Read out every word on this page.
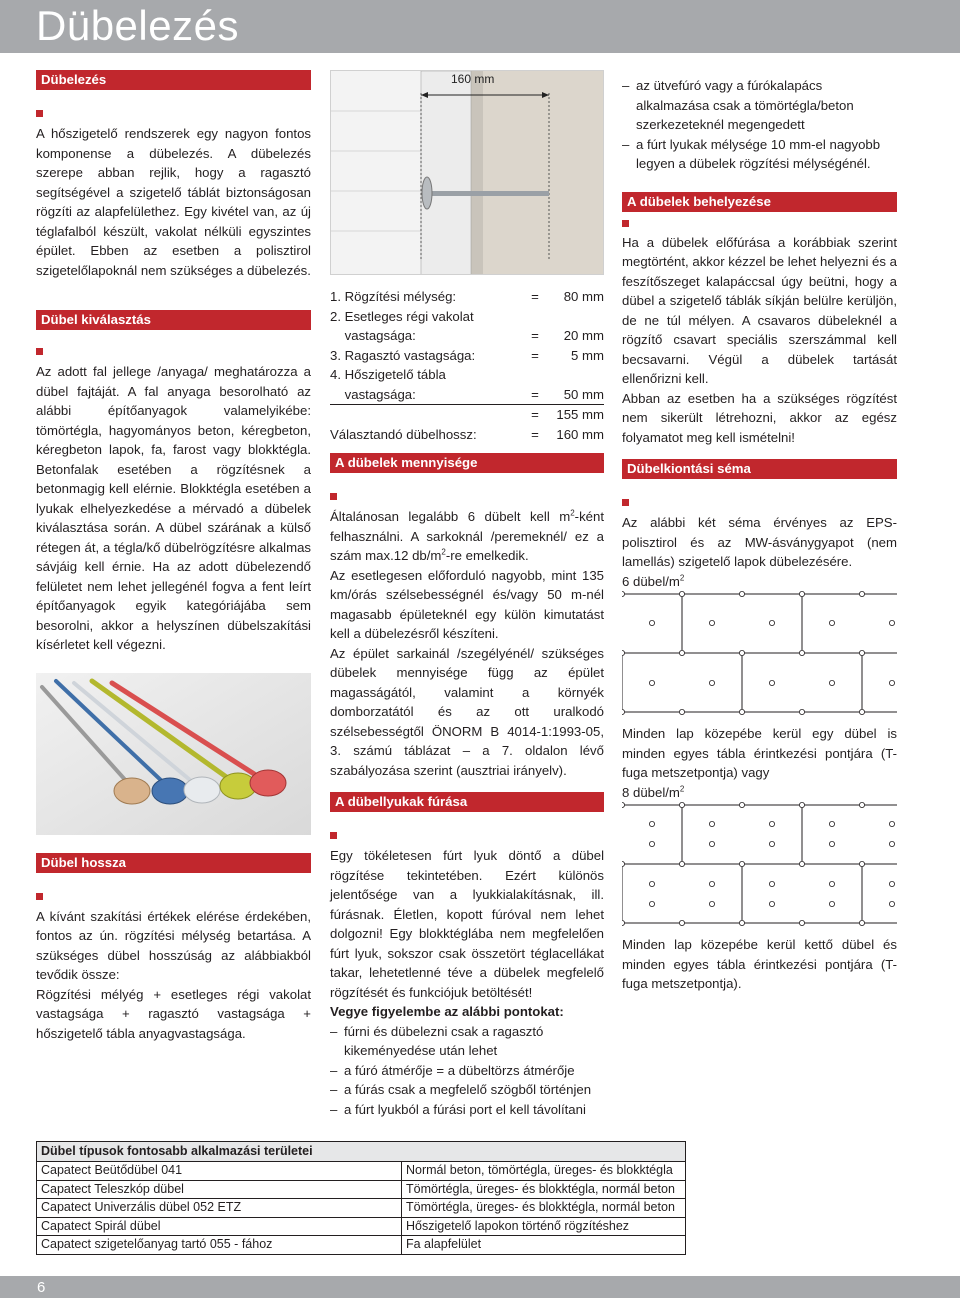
Dübelezés
Dübelezés

A hőszigetelő rendszerek egy nagyon fontos komponense a dübelezés. A dübelezés szerepe abban rejlik, hogy a ragasztó segítségével a szigetelő táblát biztonságosan rögzíti az alapfelülethez. Egy kivétel van, az új téglafalból készült, vakolat nélküli egyszintes épület. Ebben az esetben a polisztirol szigetelőlapoknál nem szükséges a dübelezés.

Dübel kiválasztás

Az adott fal jellege /anyaga/ meghatározza a dübel fajtáját. A fal anyaga besorolható az alábbi építőanyagok valamelyikébe: tömörtégla, hagyományos beton, kéregbeton, kéregbeton lapok, fa, farost vagy blokktégla. Betonfalak esetében a rögzítésnek a betonmagig kell elérnie. Blokktégla esetében a lyukak elhelyezkedése a mérvadó a dübelek kiválasztása során. A dübel szárának a külső rétegen át, a tégla/kő dübelrögzítésre alkalmas sávjáig kell érnie. Ha az adott dübelezendő felületet nem lehet jellegénél fogva a fent leírt építőanyagok egyik kategóriájába sem besorolni, akkor a helyszínen dübelszakítási kísérletet kell végezni.

Dübel hossza

A kívánt szakítási értékek elérése érdekében, fontos az ún. rögzítési mélység betartása. A szükséges dübel hosszúság az alábbiakból tevődik össze:

Rögzítési mélyég + esetleges régi vakolat vastagsága + ragasztó vastagsága + hőszigetelő tábla anyagvastagsága.

160 mm
1. Rögzítési mélység:	=	80 mm
2. Esetleges régi vakolat		
vastagsága:	=	20 mm
3. Ragasztó vastagsága:	=	5 mm
4. Hőszigetelő tábla		
vastagsága:	=	50 mm
	=	155 mm
Választandó dübelhossz:	=	160 mm
A dübelek mennyisége

Általánosan legalább 6 dübelt kell $m^2$-ként felhasználni. A sarkoknál /peremeknél/ ez a szám max.12 $db/m^2-re$ emelkedik.

Az esetlegesen előforduló nagyobb, mint 135 km/órás szélsebességnél és/vagy 50 m-nél magasabb épületeknél egy külön kimutatást kell a dübelezésről készíteni.

Az épület sarkainál /szegélyénél/ szükséges dübelek mennyisége függ az épület magasságától, valamint a környék domborzatától és az ott uralkodó szélsebességtől ÖNORM B 4014-1:1993-05, 3. számú táblázat – a 7. oldalon lévő szabályozása szerint (ausztriai irányelv).

A dübellyukak fúrása

Egy tökéletesen fúrt lyuk döntő a dübel rögzítése tekintetében. Ezért különös jelentősége van a lyukkialakításnak, ill. fúrásnak. Életlen, kopott fúróval nem lehet dolgozni! Egy blokktéglába nem megfelelően fúrt lyuk, sokszor csak összetört téglacellákat takar, lehetetlenné téve a dübelek megfelelő rögzítését és funkciójuk betöltését!

Vegye figyelembe az alábbi pontokat:

– fúrni és dübelezni csak a ragasztó kikeményedése után lehet
– a fúró átmérője = a dübeltörzs átmérője
– a fúrás csak a megfelelő szögből történjen
– a fúrt lyukból a fúrási port el kell távolítani
– az ütvefúró vagy a fúrókalapács alkalmazása csak a tömörtégla/beton szerkezeteknél megengedett
– a fúrt lyukak mélysége 10 mm-el nagyobb legyen a dübelek rögzítési mélységénél.
A dübelek behelyezése

Ha a dübelek előfúrása a korábbiak szerint megtörtént, akkor kézzel be lehet helyezni és a feszítőszeget kalapáccsal úgy beütni, hogy a dübel a szigetelő táblák síkján belülre kerüljön, de ne túl mélyen. A csavaros dübeleknél a rögzítő csavart speciális szerszámmal kell becsavarni. Végül a dübelek tartását ellenőrizni kell.

Abban az esetben ha a szükséges rögzítést nem sikerült létrehozni, akkor az egész folyamatot meg kell ismételni!

Dübelkiontási séma

Az alábbi két séma érvényes az EPS-polisztirol és az MW-ásványgyapot (nem lamellás) szigetelő lapok dübelezésére.

6 dübel/$m^2$

Minden lap közepébe kerül egy dübel is minden egyes tábla érintkezési pontjára (T-fuga metszetpontja) vagy

8 dübel/$m^2$

Minden lap közepébe kerül kettő dübel és minden egyes tábla érintkezési pontjára (T-fuga metszetpontja).

Dübel típusok fontosabb alkalmazási területei	
Capatect Beütődübel 041	Normál beton, tömörtégla, üreges- és blokktégla
Capatect Teleszkóp dübel	Tömörtégla, üreges- és blokktégla, normál beton
Capatect Univerzális dübel 052 ETZ	Tömörtégla, üreges- és blokktégla, normál beton
Capatect Spirál dübel	Hőszigetelő lapokon történő rögzítéshez
Capatect szigetelőanyag tartó 055 - fához	Fa alapfelület
6
